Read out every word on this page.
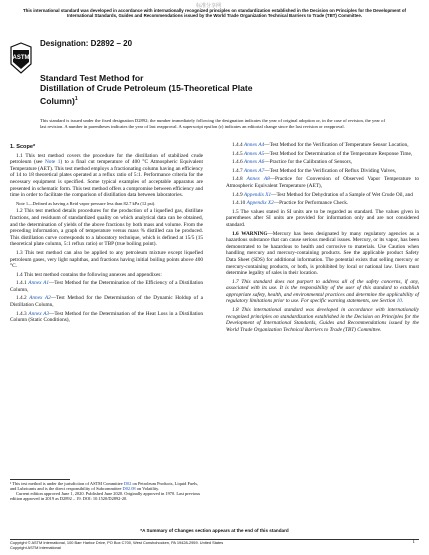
标准分享网
This international standard was developed in accordance with internationally recognized principles on standardization established in the Decision on Principles for the Development of International Standards, Guides and Recommendations issued by the World Trade Organization Technical Barriers to Trade (TBT) Committee.
ASTM
Designation: D2892 – 20
Standard Test Method for
Distillation of Crude Petroleum (15-Theoretical Plate
Column)$^1$
This standard is issued under the fixed designation D2892; the number immediately following the designation indicates the year of original adoption or, in the case of revision, the year of last revision. A number in parentheses indicates the year of last reapproval. A superscript epsilon (ε) indicates an editorial change since the last revision or reapproval.
1. Scope*

1.1 This test method covers the procedure for the distillation of stabilized crude petroleum (see Note 1) to a final cut temperature of 400 °C Atmospheric Equivalent Temperature (AET). This test method employs a fractionating column having an efficiency of 14 to 18 theoretical plates operated at a reflux ratio of 5:1. Performance criteria for the necessary equipment is specified. Some typical examples of acceptable apparatus are presented in schematic form. This test method offers a compromise between efficiency and time in order to facilitate the comparison of distillation data between laboratories.

Note 1—Defined as having a Reid vapor pressure less than 82.7 kPa (12 psi).

1.2 This test method details procedures for the production of a liquefied gas, distillate fractions, and residuum of standardized quality on which analytical data can be obtained, and the determination of yields of the above fractions by both mass and volume. From the preceding information, a graph of temperature versus mass % distilled can be produced. This distillation curve corresponds to a laboratory technique, which is defined at 15/5 (15 theoretical plate column, 5:1 reflux ratio) or TBP (true boiling point).

1.3 This test method can also be applied to any petroleum mixture except liquefied petroleum gases, very light naphthas, and fractions having initial boiling points above 400 °C.

1.4 This test method contains the following annexes and appendixes:

1.4.1 Annex A1—Test Method for the Determination of the Efficiency of a Distillation Column,

1.4.2 Annex A2—Test Method for the Determination of the Dynamic Holdup of a Distillation Column,

1.4.3 Annex A3—Test Method for the Determination of the Heat Loss in a Distillation Column (Static Conditions),

1.4.4 Annex A4—Test Method for the Verification of Temperature Sensor Location,

1.4.5 Annex A5—Test Method for Determination of the Temperature Response Time,

1.4.6 Annex A6—Practice for the Calibration of Sensors,

1.4.7 Annex A7—Test Method for the Verification of Reflux Dividing Valves,

1.4.8 Annex A8—Practice for Conversion of Observed Vapor Temperature to Atmospheric Equivalent Temperature (AET),

1.4.9 Appendix X1—Test Method for Dehydration of a Sample of Wet Crude Oil, and

1.4.10 Appendix X2—Practice for Performance Check.

1.5 The values stated in SI units are to be regarded as standard. The values given in parentheses after SI units are provided for information only and are not considered standard.

1.6 WARNING—Mercury has been designated by many regulatory agencies as a hazardous substance that can cause serious medical issues. Mercury, or its vapor, has been demonstrated to be hazardous to health and corrosive to materials. Use Caution when handling mercury and mercury-containing products. See the applicable product Safety Data Sheet (SDS) for additional information. The potential exists that selling mercury or mercury-containing products, or both, is prohibited by local or national law. Users must determine legality of sales in their location.

1.7 This standard does not purport to address all of the safety concerns, if any, associated with its use. It is the responsibility of the user of this standard to establish appropriate safety, health, and environmental practices and determine the applicability of regulatory limitations prior to use. For specific warning statements, see Section 10.

1.8 This international standard was developed in accordance with internationally recognized principles on standardization established in the Decision on Principles for the Development of International Standards, Guides and Recommendations issued by the World Trade Organization Technical Barriers to Trade (TBT) Committee.

¹ This test method is under the jurisdiction of ASTM Committee D02 on Petroleum Products, Liquid Fuels, and Lubricants and is the direct responsibility of Subcommittee D02.08 on Volatility.

Current edition approved June 1, 2020. Published June 2020. Originally approved in 1970. Last previous edition approved in 2019 as D2892 – 19. DOI: 10.1520/D2892-20.

*A Summary of Changes section appears at the end of this standard
Copyright © ASTM International, 100 Barr Harbor Drive, PO Box C700, West Conshohocken, PA 19428-2959. United States
Copyright ASTM International
1
